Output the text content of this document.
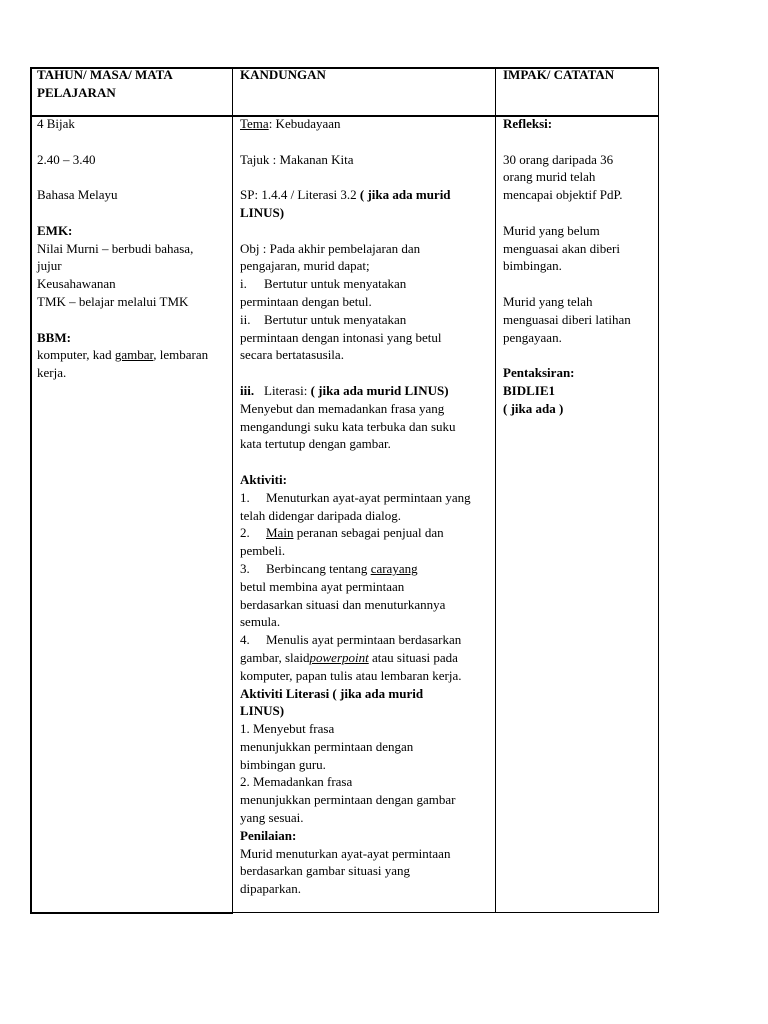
TAHUN/ MASA/ MATA
PELAJARAN
KANDUNGAN	IMPAK/ CATATAN

4 Bijak

2.40 – 3.40

Bahasa Melayu

EMK:

Nilai Murni – berbudi bahasa,

jujur

Keusahawanan

TMK – belajar melalui TMK

BBM:

komputer, kad gambar, lembaran

kerja.

Tema: Kebudayaan

Tajuk : Makanan Kita

SP: 1.4.4 / Literasi 3.2 ( jika ada murid

LINUS)

Obj : Pada akhir pembelajaran dan

pengajaran, murid dapat;

i. Bertutur untuk menyatakan

permintaan dengan betul.

ii. Bertutur untuk menyatakan

permintaan dengan intonasi yang betul

secara bertatasusila.

iii. Literasi: ( jika ada murid LINUS)

Menyebut dan memadankan frasa yang

mengandungi suku kata terbuka dan suku

kata tertutup dengan gambar.

Aktiviti:

1. Menuturkan ayat-ayat permintaan yang

telah didengar daripada dialog.

2. Main peranan sebagai penjual dan

pembeli.

3. Berbincang tentang carayang

betul membina ayat permintaan

berdasarkan situasi dan menuturkannya

semula.

4. Menulis ayat permintaan berdasarkan

gambar, slaidpowerpoint atau situasi pada

komputer, papan tulis atau lembaran kerja.

Aktiviti Literasi ( jika ada murid

LINUS)

1. Menyebut frasa

menunjukkan permintaan dengan

bimbingan guru.

2. Memadankan frasa

menunjukkan permintaan dengan gambar

yang sesuai.

Penilaian:

Murid menuturkan ayat-ayat permintaan

berdasarkan gambar situasi yang

dipaparkan.

Refleksi:

30 orang daripada 36

orang murid telah

mencapai objektif PdP.

Murid yang belum

menguasai akan diberi

bimbingan.

Murid yang telah

menguasai diberi latihan

pengayaan.

Pentaksiran:

BIDLIE1

( jika ada )
